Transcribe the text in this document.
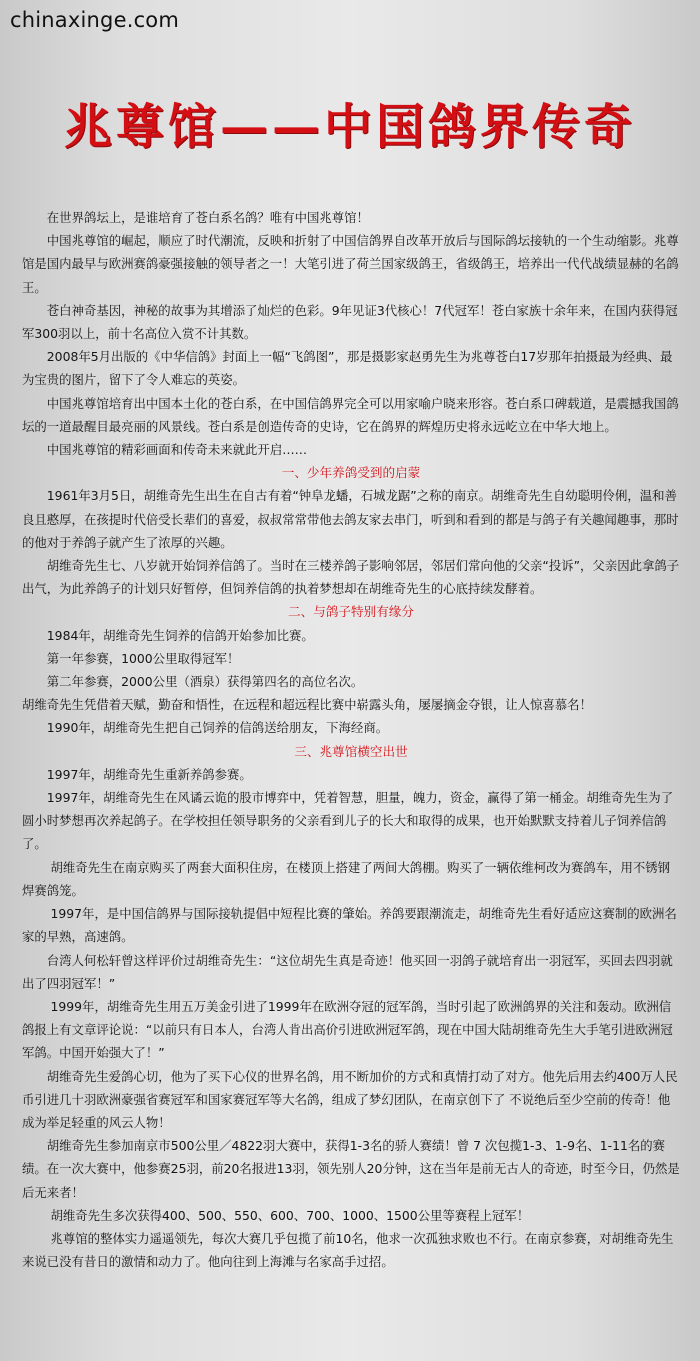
chinaxinge.com
兆尊馆——中国鸽界传奇

在世界鸽坛上，是谁培育了苍白系名鸽？唯有中国兆尊馆！

中国兆尊馆的崛起，顺应了时代潮流，反映和折射了中国信鸽界自改革开放后与国际鸽坛接轨的一个生动缩影。兆尊馆是国内最早与欧洲赛鸽豪强接触的领导者之一！大笔引进了荷兰国家级鸽王，省级鸽王，培养出一代代战绩显赫的名鸽王。

苍白神奇基因，神秘的故事为其增添了灿烂的色彩。9年见证3代核心！7代冠军！苍白家族十余年来，在国内获得冠军300羽以上，前十名高位入赏不计其数。

2008年5月出版的《中华信鸽》封面上一幅“飞鸽图”，那是摄影家赵勇先生为兆尊苍白17岁那年拍摄最为经典、最为宝贵的图片，留下了令人难忘的英姿。

中国兆尊馆培育出中国本土化的苍白系，在中国信鸽界完全可以用家喻户晓来形容。苍白系口碑载道，是震撼我国鸽坛的一道最醒目最亮丽的风景线。苍白系是创造传奇的史诗，它在鸽界的辉煌历史将永远屹立在中华大地上。

中国兆尊馆的精彩画面和传奇未来就此开启……

一、少年养鸽受到的启蒙

1961年3月5日，胡维奇先生出生在自古有着“钟阜龙蟠，石城龙踞”之称的南京。胡维奇先生自幼聪明伶俐，温和善良且憨厚，在孩提时代倍受长辈们的喜爱，叔叔常常带他去鸽友家去串门，听到和看到的都是与鸽子有关趣闻趣事，那时的他对于养鸽子就产生了浓厚的兴趣。

胡维奇先生七、八岁就开始饲养信鸽了。当时在三楼养鸽子影响邻居，邻居们常向他的父亲“投诉”，父亲因此拿鸽子出气，为此养鸽子的计划只好暂停，但饲养信鸽的执着梦想却在胡维奇先生的心底持续发酵着。

二、与鸽子特别有缘分

1984年，胡维奇先生饲养的信鸽开始参加比赛。

第一年参赛，1000公里取得冠军！

第二年参赛，2000公里（酒泉）获得第四名的高位名次。

胡维奇先生凭借着天赋，勤奋和悟性，在远程和超远程比赛中崭露头角，屡屡摘金夺银，让人惊喜慕名！

1990年，胡维奇先生把自己饲养的信鸽送给朋友，下海经商。

三、兆尊馆横空出世

1997年，胡维奇先生重新养鸽参赛。

1997年，胡维奇先生在风谲云诡的股市博弈中，凭着智慧，胆量，魄力，资金，赢得了第一桶金。胡维奇先生为了圆小时梦想再次养起鸽子。在学校担任领导职务的父亲看到儿子的长大和取得的成果，也开始默默支持着儿子饲养信鸽了。

胡维奇先生在南京购买了两套大面积住房，在楼顶上搭建了两间大鸽棚。购买了一辆依维柯改为赛鸽车，用不锈钢焊赛鸽笼。

1997年，是中国信鸽界与国际接轨提倡中短程比赛的肇始。养鸽要跟潮流走，胡维奇先生看好适应这赛制的欧洲名家的早熟，高速鸽。

台湾人何松轩曾这样评价过胡维奇先生：“这位胡先生真是奇迹！他买回一羽鸽子就培育出一羽冠军，买回去四羽就出了四羽冠军！”

1999年，胡维奇先生用五万美金引进了1999年在欧洲夺冠的冠军鸽，当时引起了欧洲鸽界的关注和轰动。欧洲信鸽报上有文章评论说：“以前只有日本人，台湾人肯出高价引进欧洲冠军鸽，现在中国大陆胡维奇先生大手笔引进欧洲冠军鸽。中国开始强大了！”

胡维奇先生爱鸽心切，他为了买下心仪的世界名鸽，用不断加价的方式和真情打动了对方。他先后用去约400万人民币引进几十羽欧洲豪强省赛冠军和国家赛冠军等大名鸽，组成了梦幻团队，在南京创下了 不说绝后至少空前的传奇！他成为举足轻重的风云人物！

胡维奇先生参加南京市500公里／4822羽大赛中，获得1-3名的骄人赛绩！曾 7 次包揽1-3、1-9名、1-11名的赛绩。在一次大赛中，他参赛25羽，前20名报进13羽，领先别人20分钟，这在当年是前无古人的奇迹，时至今日，仍然是后无来者！

胡维奇先生多次获得400、500、550、600、700、1000、1500公里等赛程上冠军！

兆尊馆的整体实力遥遥领先，每次大赛几乎包揽了前10名，他求一次孤独求败也不行。在南京参赛，对胡维奇先生来说已没有昔日的激情和动力了。他向往到上海滩与名家高手过招。
